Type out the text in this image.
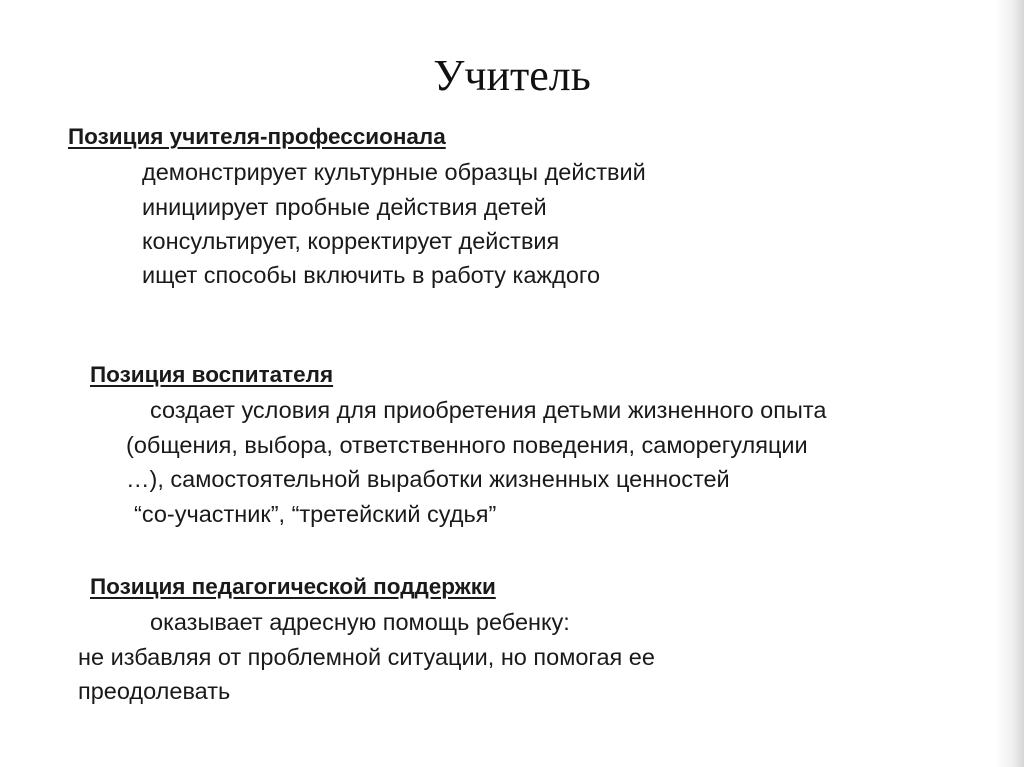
Учитель
Позиция учителя-профессионала
демонстрирует культурные образцы действий
инициирует пробные действия детей
консультирует, корректирует действия
ищет способы включить в работу каждого
Позиция воспитателя
создает условия для приобретения детьми жизненного опыта
(общения, выбора, ответственного поведения, саморегуляции
…), самостоятельной выработки жизненных ценностей
“со-участник”, “третейский судья”
Позиция педагогической поддержки
оказывает адресную помощь ребенку:
не избавляя от проблемной ситуации, но помогая ее
преодолевать
